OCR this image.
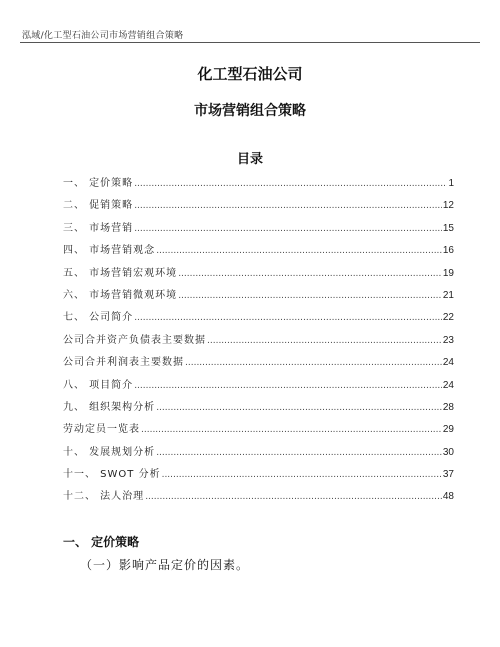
泓域/化工型石油公司市场营销组合策略
化工型石油公司
市场营销组合策略
目录
一、 定价策略 .....	1
二、 促销策略 .....	12
三、 市场营销 .....	15
四、 市场营销观念 .....	16
五、 市场营销宏观环境 .....	19
六、 市场营销微观环境 .....	21
七、 公司简介 .....	22
公司合并资产负债表主要数据 .....	23
公司合并利润表主要数据 .....	24
八、 项目简介 .....	24
九、 组织架构分析 .....	28
劳动定员一览表 .....	29
十、 发展规划分析 .....	30
十一、 SWOT 分析 .....	37
十二、 法人治理 .....	48
一、 定价策略
（一）影响产品定价的因素。
